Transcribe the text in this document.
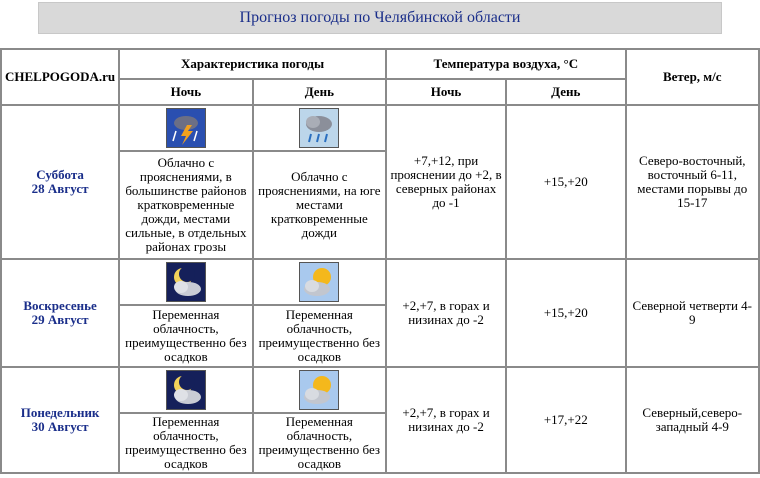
Прогноз погоды по Челябинской области
CHELPOGODA.ru	Характеристика погоды		Температура воздуха, °С		Ветер, м/с
	Ночь	День	Ночь	День	

Суббота
28 Август			+7,+12, при прояснении до +2, в северных районах до -1	+15,+20	Северо-восточный, восточный 6-11, местами порывы до 15-17
	Облачно с прояснениями, в большинстве районов кратковременные дожди, местами сильные, в отдельных районах грозы	Облачно с прояснениями, на юге местами кратковременные дожди			

Воскресенье
29 Август			+2,+7, в горах и низинах до -2	+15,+20	Северной четверти 4-9
	Переменная облачность, преимущественно без осадков	Переменная облачность, преимущественно без осадков			

Понедельник
30 Август			+2,+7, в горах и низинах до -2	+17,+22	Северный,северо-западный 4-9
	Переменная облачность, преимущественно без осадков	Переменная облачность, преимущественно без осадков			
